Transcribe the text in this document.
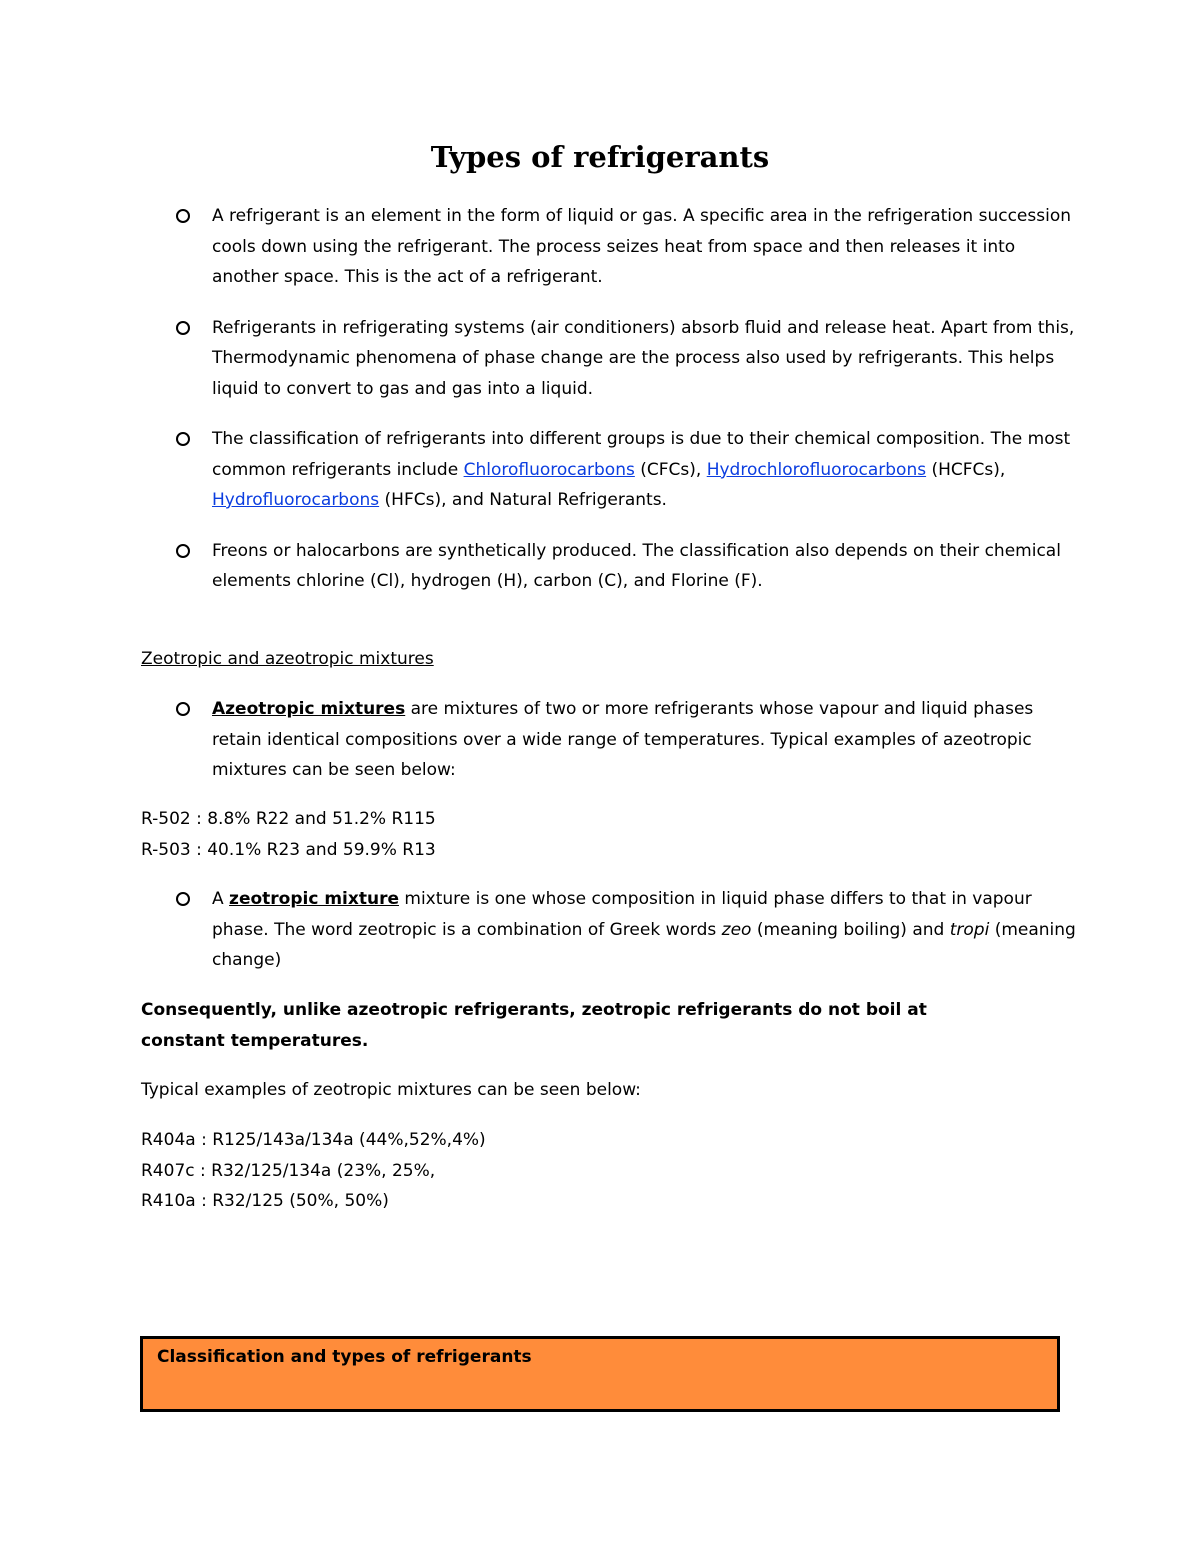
Types of refrigerants
A refrigerant is an element in the form of liquid or gas. A specific area in the refrigeration succession cools down using the refrigerant. The process seizes heat from space and then releases it into another space. This is the act of a refrigerant.
Refrigerants in refrigerating systems (air conditioners) absorb fluid and release heat. Apart from this, Thermodynamic phenomena of phase change are the process also used by refrigerants. This helps liquid to convert to gas and gas into a liquid.
The classification of refrigerants into different groups is due to their chemical composition. The most common refrigerants include Chlorofluorocarbons (CFCs), Hydrochlorofluorocarbons (HCFCs), Hydrofluorocarbons (HFCs), and Natural Refrigerants.
Freons or halocarbons are synthetically produced. The classification also depends on their chemical elements chlorine (Cl), hydrogen (H), carbon (C), and Florine (F).
Zeotropic and azeotropic mixtures
Azeotropic mixtures are mixtures of two or more refrigerants whose vapour and liquid phases retain identical compositions over a wide range of temperatures. Typical examples of azeotropic mixtures can be seen below:
R-502 : 8.8% R22 and 51.2% R115
R-503 : 40.1% R23 and 59.9% R13
A zeotropic mixture mixture is one whose composition in liquid phase differs to that in vapour phase. The word zeotropic is a combination of Greek words zeo (meaning boiling) and tropi (meaning change)
Consequently, unlike azeotropic refrigerants, zeotropic refrigerants do not boil at constant temperatures.
Typical examples of zeotropic mixtures can be seen below:
R404a : R125/143a/134a (44%,52%,4%)
R407c : R32/125/134a (23%, 25%,
R410a : R32/125 (50%, 50%)
Classification and types of refrigerants
